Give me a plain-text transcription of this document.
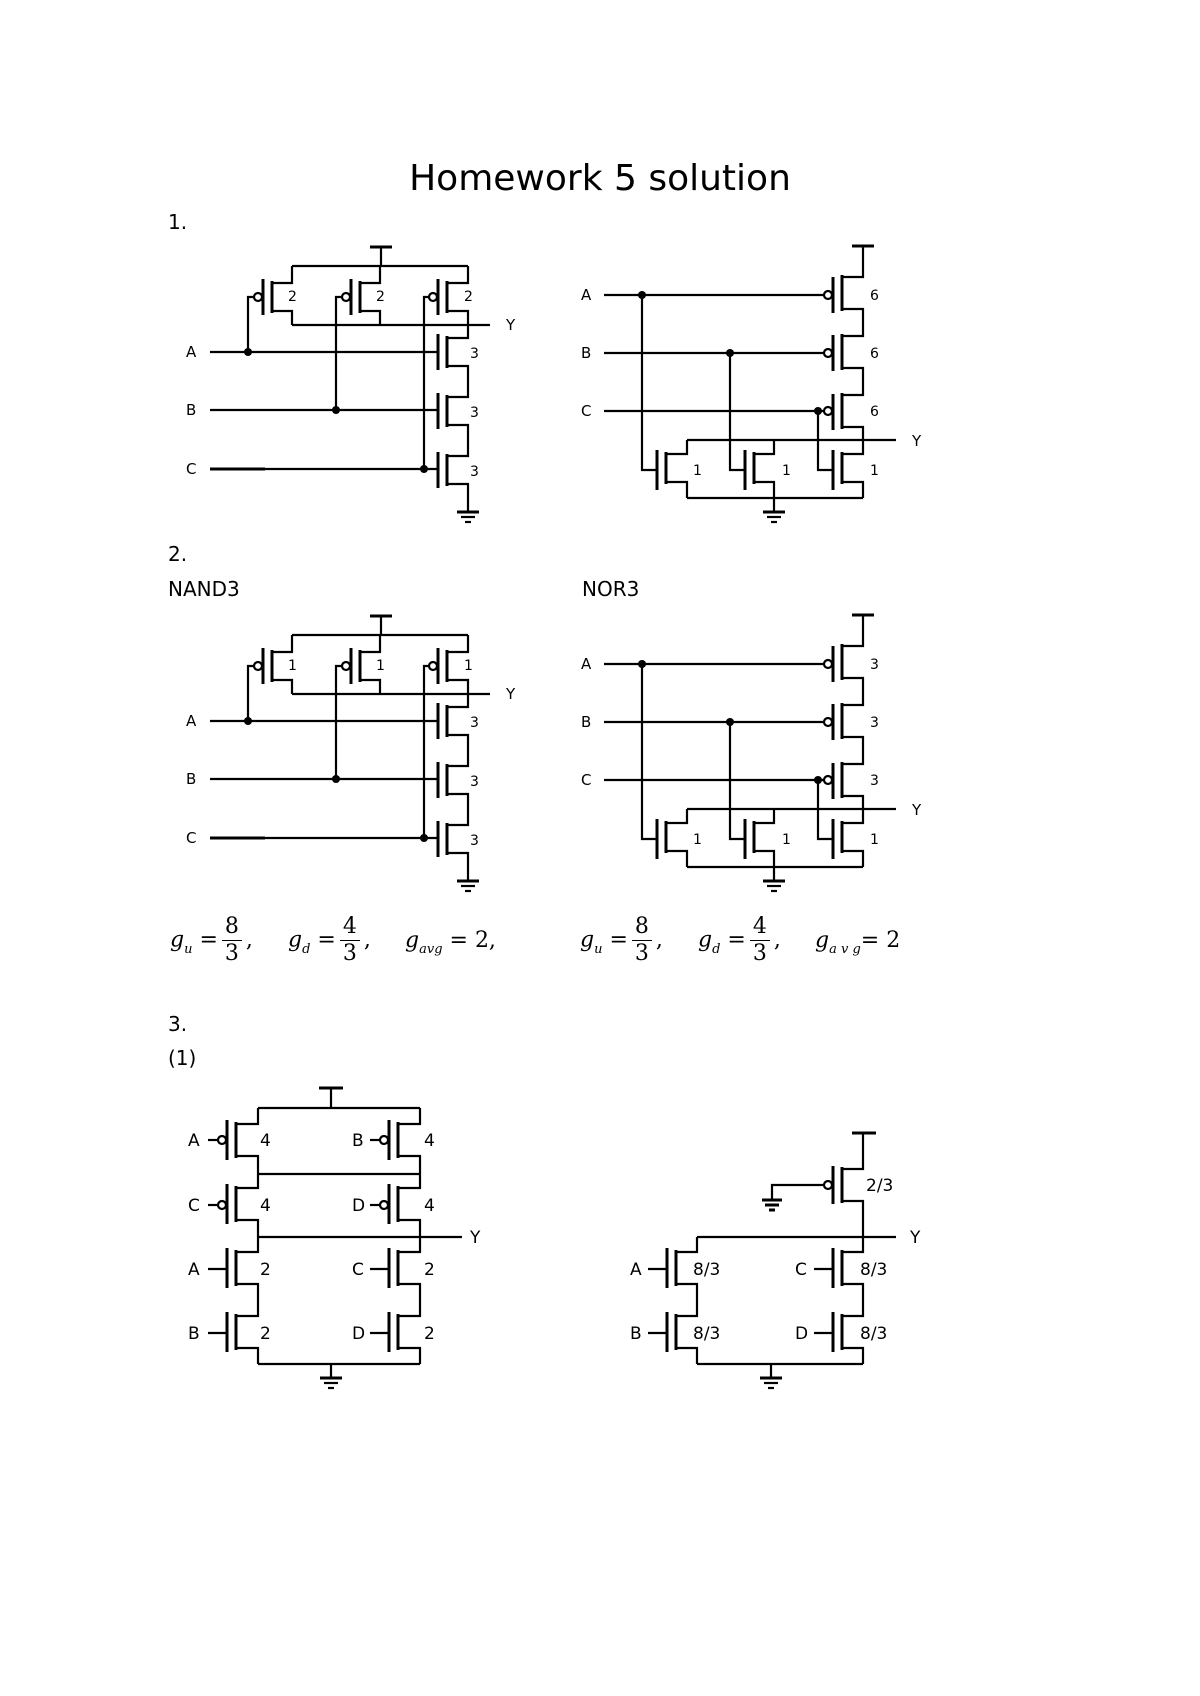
Homework 5 solution
1.
2.
NAND3	NOR3
3.
(1)
2	2	2
Y
3
3
3
A
B
C
6
6
6
Y
1	1	1
A
B
C
1	1	1
Y
3
3
3
A
B
C
3
3
3
Y
1	1	1
A
B
C
$g_u = \frac{8}{3}$ , $g_d = \frac{4}{3}$ , $g_{avg} = 2$,	$g_u = \frac{8}{3}$ , $g_d = \frac{4}{3}$ , $g_{a v g}= 2$
A	4	B	4
C	4	D	4
Y
A	2
B	2
C	2
D	2
2/3
Y
A	8/3
B	8/3
C	8/3
D	8/3
